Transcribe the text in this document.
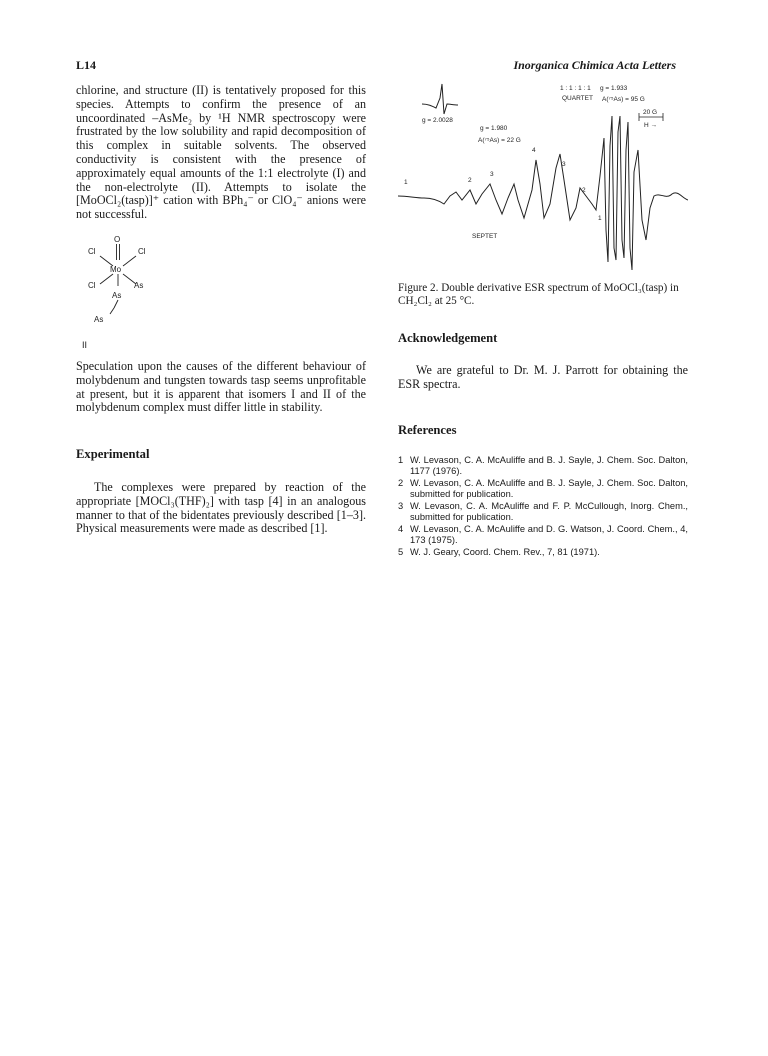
L14	Inorganica Chimica Acta Letters

chlorine, and structure (II) is tentatively proposed for this species. Attempts to confirm the presence of an uncoordinated –AsMe₂ by ¹H NMR spectroscopy were frustrated by the low solubility and rapid decomposition of this complex in suitable solvents. The observed conductivity is consistent with the presence of approximately equal amounts of the 1:1 electrolyte (I) and the non-electrolyte (II). Attempts to isolate the [MoOCl₂(tasp)]⁺ cation with BPh₄⁻ or ClO₄⁻ anions were not successful.

O
Cl	Cl
Mo
Cl	As
As
As
II

Speculation upon the causes of the different behaviour of molybdenum and tungsten towards tasp seems unprofitable at present, but it is apparent that isomers I and II of the molybdenum complex must differ little in stability.

Experimental

The complexes were prepared by reaction of the appropriate [MOCl₃(THF)₂] with tasp [4] in an analogous manner to that of the bidentates previously described [1–3]. Physical measurements were made as described [1].

g = 2.0028
g = 1.980
A(⁷⁵As) = 22 G
1 : 1 : 1 : 1
QUARTET
g = 1.933
A(⁷⁵As) = 95 G
20 G
H →
1	2
3
4
3
2
1
SEPTET
Figure 2. Double derivative ESR spectrum of MoOCl₃(tasp) in CH₂Cl₂ at 25 °C.
Acknowledgement

We are grateful to Dr. M. J. Parrott for obtaining the ESR spectra.

References
1 W. Levason, C. A. McAuliffe and B. J. Sayle, J. Chem. Soc. Dalton, 1177 (1976).
2 W. Levason, C. A. McAuliffe and B. J. Sayle, J. Chem. Soc. Dalton, submitted for publication.
3 W. Levason, C. A. McAuliffe and F. P. McCullough, Inorg. Chem., submitted for publication.
4 W. Levason, C. A. McAuliffe and D. G. Watson, J. Coord. Chem., 4, 173 (1975).
5 W. J. Geary, Coord. Chem. Rev., 7, 81 (1971).
